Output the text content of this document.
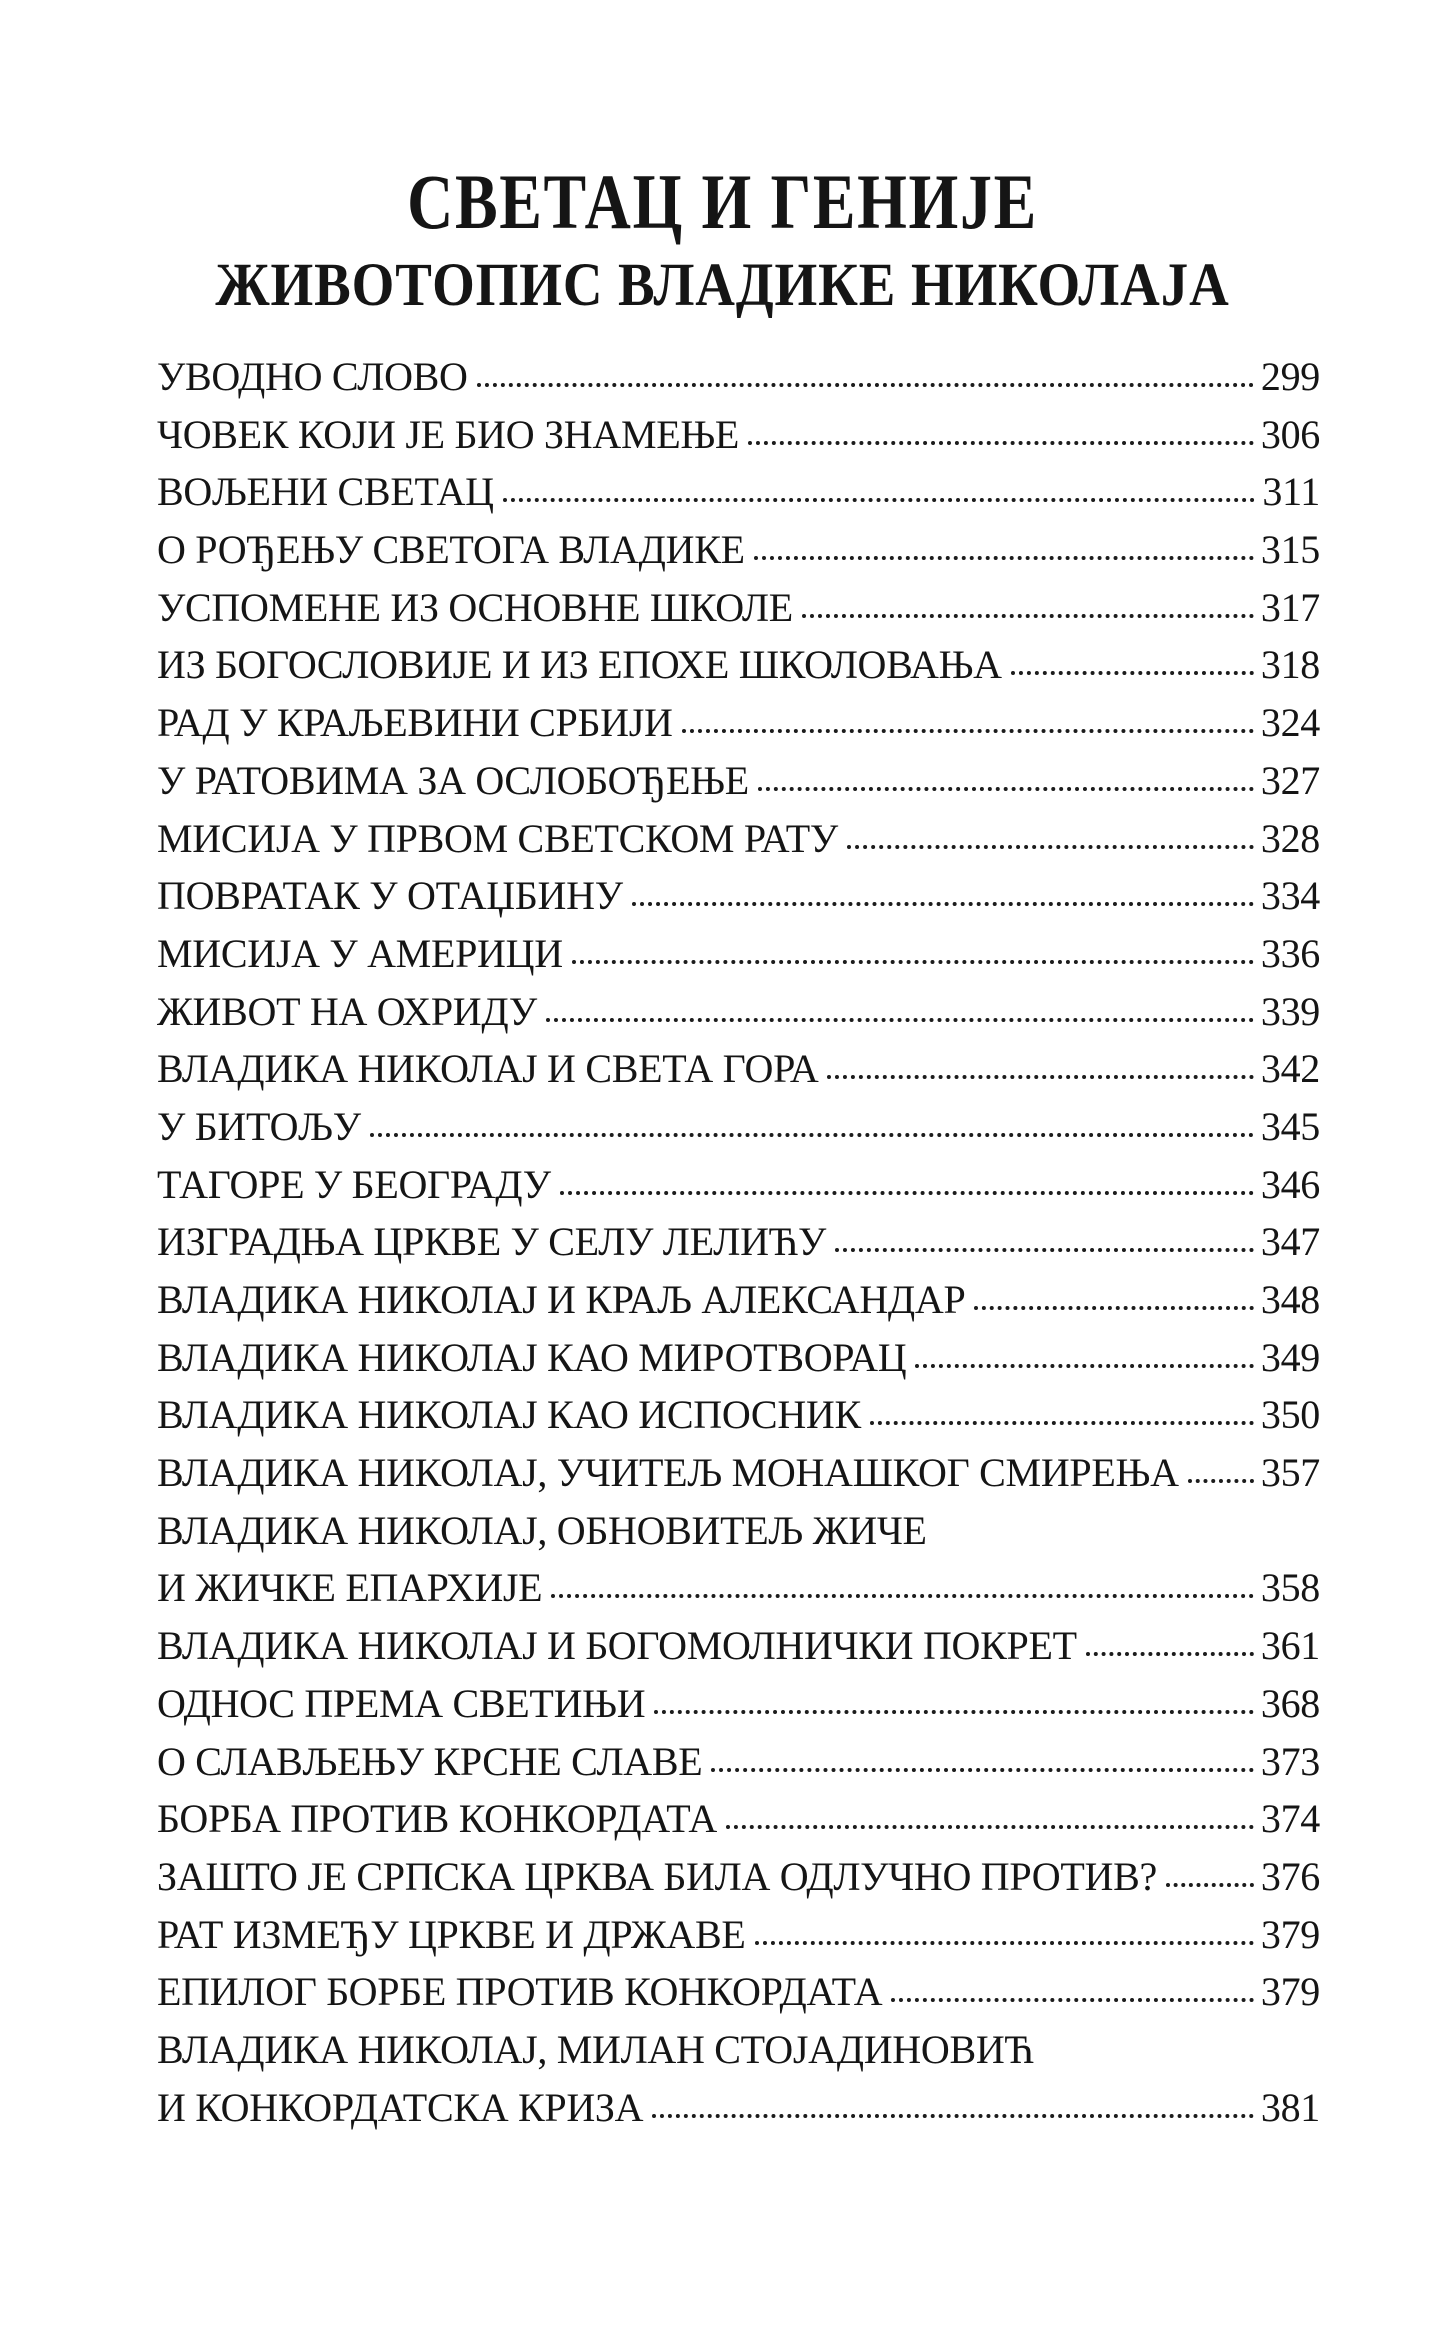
СВЕТАЦ И ГЕНИЈЕ
ЖИВОТОПИС ВЛАДИКЕ НИКОЛАЈА
УВОДНО СЛОВО	299
ЧОВЕК КОЈИ ЈЕ БИО ЗНАМЕЊЕ	306
ВОЉЕНИ СВЕТАЦ	311
О РОЂЕЊУ СВЕТОГА ВЛАДИКЕ	315
УСПОМЕНЕ ИЗ ОСНОВНЕ ШКОЛЕ	317
ИЗ БОГОСЛОВИЈЕ И ИЗ ЕПОХЕ ШКОЛОВАЊА	318
РАД У КРАЉЕВИНИ СРБИЈИ	324
У РАТОВИМА ЗА ОСЛОБОЂЕЊЕ	327
МИСИЈА У ПРВОМ СВЕТСКОМ РАТУ	328
ПОВРАТАК У ОТАЏБИНУ	334
МИСИЈА У АМЕРИЦИ	336
ЖИВОТ НА ОХРИДУ	339
ВЛАДИКА НИКОЛАЈ И СВЕТА ГОРА	342
У БИТОЉУ	345
ТАГОРЕ У БЕОГРАДУ	346
ИЗГРАДЊА ЦРКВЕ У СЕЛУ ЛЕЛИЋУ	347
ВЛАДИКА НИКОЛАЈ И КРАЉ АЛЕКСАНДАР	348
ВЛАДИКА НИКОЛАЈ КАО МИРОТВОРАЦ	349
ВЛАДИКА НИКОЛАЈ КАО ИСПОСНИК	350
ВЛАДИКА НИКОЛАЈ, УЧИТЕЉ МОНАШКОГ СМИРЕЊА 357
ВЛАДИКА НИКОЛАЈ, ОБНОВИТЕЉ ЖИЧЕ
И ЖИЧКЕ ЕПАРХИЈЕ	358
ВЛАДИКА НИКОЛАЈ И БОГОМОЛНИЧКИ ПОКРЕТ	361
ОДНОС ПРЕМА СВЕТИЊИ	368
О СЛАВЉЕЊУ КРСНЕ СЛАВЕ	373
БОРБА ПРОТИВ КОНКОРДАТА	374
ЗАШТО ЈЕ СРПСКА ЦРКВА БИЛА ОДЛУЧНО ПРОТИВ?	376
РАТ ИЗМЕЂУ ЦРКВЕ И ДРЖАВЕ	379
ЕПИЛОГ БОРБЕ ПРОТИВ КОНКОРДАТА	379
ВЛАДИКА НИКОЛАЈ, МИЛАН СТОЈАДИНОВИЋ
И КОНКОРДАТСКА КРИЗА	381
